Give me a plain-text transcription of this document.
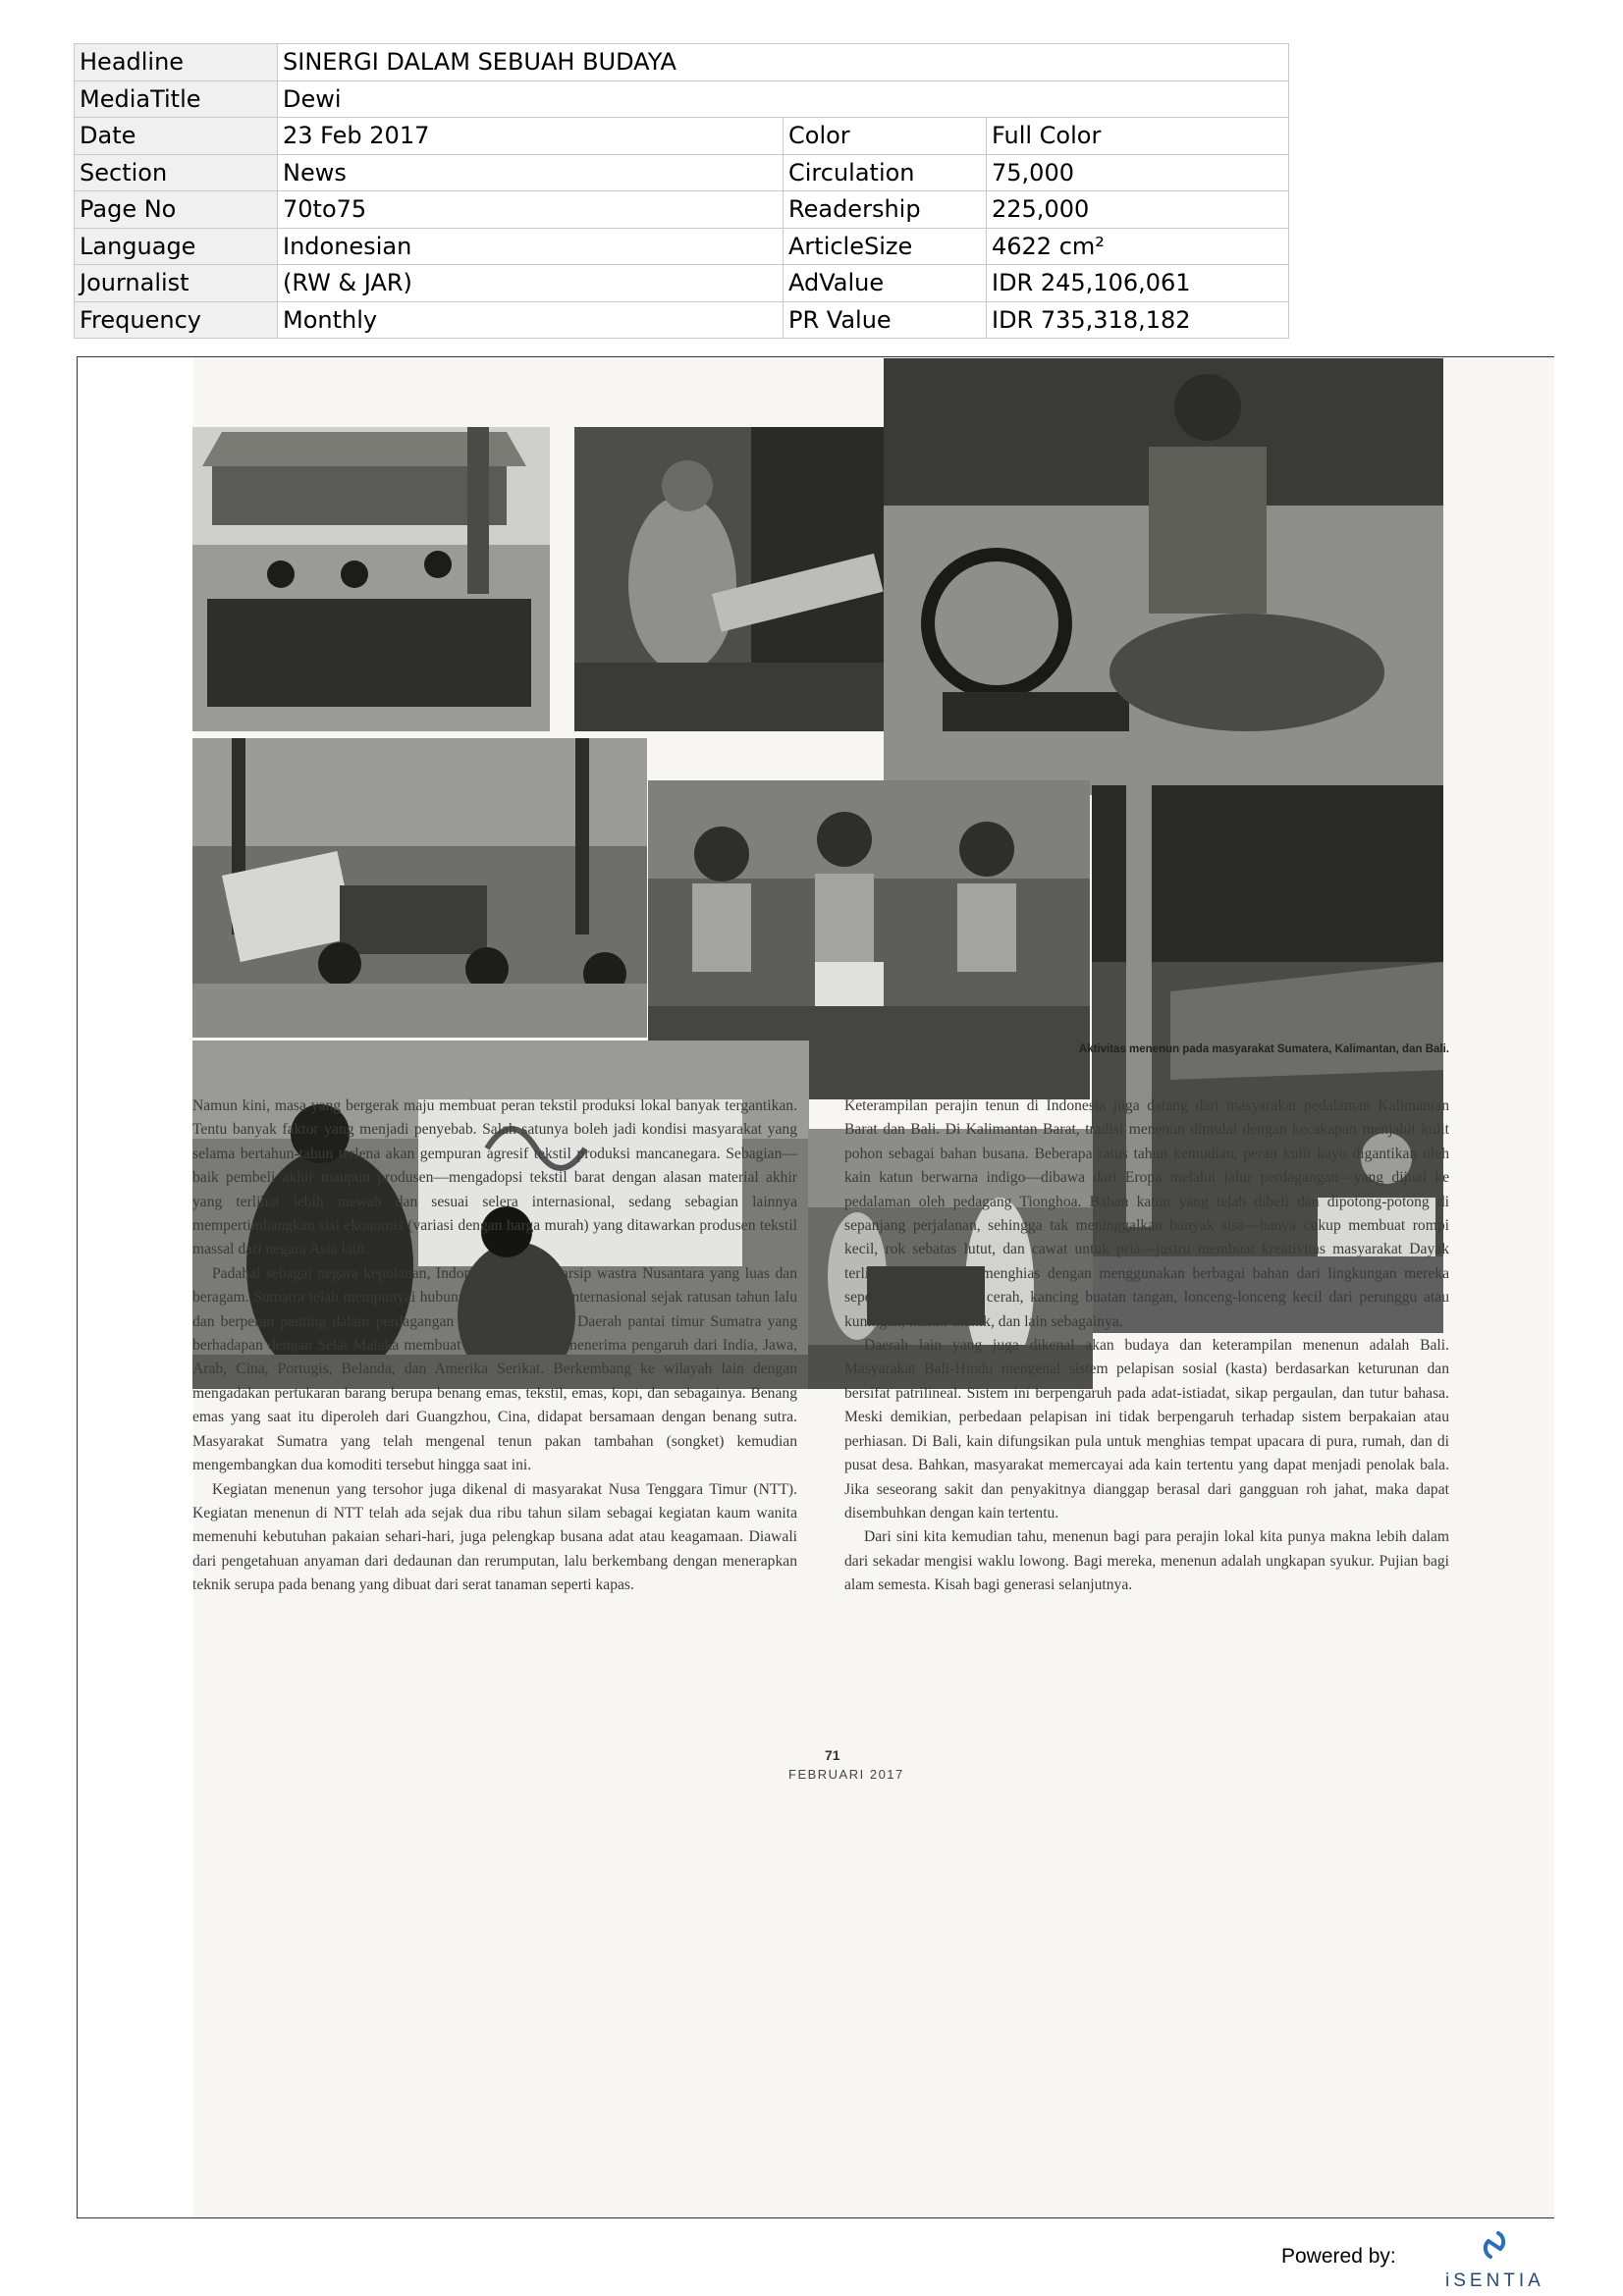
Headline	SINERGI DALAM SEBUAH BUDAYA		
MediaTitle	Dewi		
Date	23 Feb 2017	Color	Full Color
Section	News	Circulation	75,000
Page No	70to75	Readership	225,000
Language	Indonesian	ArticleSize	4622 cm²
Journalist	(RW & JAR)	AdValue	IDR 245,106,061
Frequency	Monthly	PR Value	IDR 735,318,182
KHAS
Aktivitas menenun pada masyarakat Sumatera, Kalimantan, dan Bali.

Namun kini, masa yang bergerak maju membuat peran tekstil produksi lokal banyak tergantikan. Tentu banyak faktor yang menjadi penyebab. Salah satunya boleh jadi kondisi masyarakat yang selama bertahun-tahun terlena akan gempuran agresif tekstil produksi mancanegara. Sebagian—baik pembeli akhir maupun produsen—mengadopsi tekstil barat dengan alasan material akhir yang terlihat lebih mewah dan sesuai selera internasional, sedang sebagian lainnya mempertimbangkan sisi ekonomis (variasi dengan harga murah) yang ditawarkan produsen tekstil massal dari negara Asia lain.

Padahal sebagai negara kepulauan, Indonesia memiliki arsip wastra Nusantara yang luas dan beragam. Sumatra telah mempunyai hubungan perdagangan internasional sejak ratusan tahun lalu dan berperan penting dalam perdagangan di Asia Tenggara. Daerah pantai timur Sumatra yang berhadapan dengan Selat Malaka membuat daerah tersebut menerima pengaruh dari India, Jawa, Arab, Cina, Portugis, Belanda, dan Amerika Serikat. Berkembang ke wilayah lain dengan mengadakan pertukaran barang berupa benang emas, tekstil, emas, kopi, dan sebagainya. Benang emas yang saat itu diperoleh dari Guangzhou, Cina, didapat bersamaan dengan benang sutra. Masyarakat Sumatra yang telah mengenal tenun pakan tambahan (songket) kemudian mengembangkan dua komoditi tersebut hingga saat ini.

Kegiatan menenun yang tersohor juga dikenal di masyarakat Nusa Tenggara Timur (NTT). Kegiatan menenun di NTT telah ada sejak dua ribu tahun silam sebagai kegiatan kaum wanita memenuhi kebutuhan pakaian sehari-hari, juga pelengkap busana adat atau keagamaan. Diawali dari pengetahuan anyaman dari dedaunan dan rerumputan, lalu berkembang dengan menerapkan teknik serupa pada benang yang dibuat dari serat tanaman seperti kapas.

Keterampilan perajin tenun di Indonesia juga datang dari masyarakat pedalaman Kalimantan Barat dan Bali. Di Kalimantan Barat, tradisi menenun dimulai dengan kecakapan menjahit kulit pohon sebagai bahan busana. Beberapa ratus tahun kemudian, peran kulit kayu digantikan oleh kain katun berwarna indigo—dibawa dari Eropa melalui jalur perdagangan—yang dijual ke pedalaman oleh pedagang Tionghoa. Bahan katun yang telah dibeli dan dipotong-potong di sepanjang perjalanan, sehingga tak meninggalkan banyak sisa—hanya cukup membuat rompi kecil, rok sebatas lutut, dan cawat untuk pria—justru membuat kreativitas masyarakat Dayak terlihat lewat teknik menghias dengan menggunakan berbagai bahan dari lingkungan mereka seperti benang warna cerah, kancing buatan tangan, lonceng-lonceng kecil dari perunggu atau kuningan, manik-manik, dan lain sebagainya.

Daerah lain yang juga dikenal akan budaya dan keterampilan menenun adalah Bali. Masyarakat Bali-Hindu mengenal sistem pelapisan sosial (kasta) berdasarkan keturunan dan bersifat patrilineal. Sistem ini berpengaruh pada adat-istiadat, sikap pergaulan, dan tutur bahasa. Meski demikian, perbedaan pelapisan ini tidak berpengaruh terhadap sistem berpakaian atau perhiasan. Di Bali, kain difungsikan pula untuk menghias tempat upacara di pura, rumah, dan di pusat desa. Bahkan, masyarakat memercayai ada kain tertentu yang dapat menjadi penolak bala. Jika seseorang sakit dan penyakitnya dianggap berasal dari gangguan roh jahat, maka dapat disembuhkan dengan kain tertentu.

Dari sini kita kemudian tahu, menenun bagi para perajin lokal kita punya makna lebih dalam dari sekadar mengisi waklu lowong. Bagi mereka, menenun adalah ungkapan syukur. Pujian bagi alam semesta. Kisah bagi generasi selanjutnya.

71
FEBRUARI 2017
Powered by:
iSENTIA
